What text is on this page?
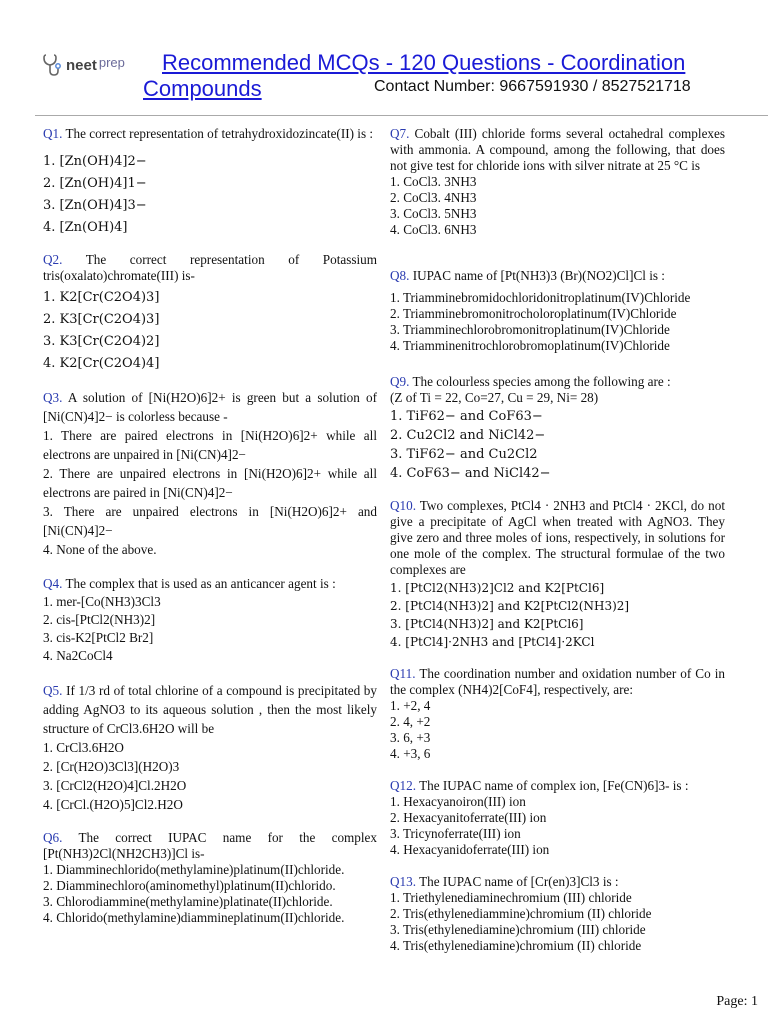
neet prep	Recommended MCQs - 120 Questions - Coordination
Compounds	Contact Number: 9667591930 / 8527521718
Q1. The correct representation of tetrahydroxidozincate(II) is :
1. [Zn(OH)4]2−
2. [Zn(OH)4]1−
3. [Zn(OH)4]3−
4. [Zn(OH)4]
Q2. The correct representation of Potassium tris(oxalato)chromate(III) is-
1. K2[Cr(C2O4)3]
2. K3[Cr(C2O4)3]
3. K3[Cr(C2O4)2]
4. K2[Cr(C2O4)4]
Q3. A solution of [Ni(H2O)6]2+ is green but a solution of [Ni(CN)4]2− is colorless because -
1. There are paired electrons in [Ni(H2O)6]2+ while all electrons are unpaired in [Ni(CN)4]2−
2. There are unpaired electrons in [Ni(H2O)6]2+ while all electrons are paired in [Ni(CN)4]2−
3. There are unpaired electrons in [Ni(H2O)6]2+ and [Ni(CN)4]2−
4. None of the above.
Q4. The complex that is used as an anticancer agent is :
1. mer-[Co(NH3)3Cl3
2. cis-[PtCl2(NH3)2]
3. cis-K2[PtCl2 Br2]
4. Na2CoCl4
Q5. If 1/3 rd of total chlorine of a compound is precipitated by adding AgNO3 to its aqueous solution , then the most likely structure of CrCl3.6H2O will be
1. CrCl3.6H2O
2. [Cr(H2O)3Cl3](H2O)3
3. [CrCl2(H2O)4]Cl.2H2O
4. [CrCl.(H2O)5]Cl2.H2O
Q6. The correct IUPAC name for the complex [Pt(NH3)2Cl(NH2CH3)]Cl is-
1. Diamminechlorido(methylamine)platinum(II)chloride.
2. Diamminechloro(aminomethyl)platinum(II)chlorido.
3. Chlorodiammine(methylamine)platinate(II)chloride.
4. Chlorido(methylamine)diammineplatinum(II)chloride.
Q7. Cobalt (III) chloride forms several octahedral complexes with ammonia. A compound, among the following, that does not give test for chloride ions with silver nitrate at 25 °C is
1. CoCl3. 3NH3
2. CoCl3. 4NH3
3. CoCl3. 5NH3
4. CoCl3. 6NH3
Q8. IUPAC name of [Pt(NH3)3 (Br)(NO2)Cl]Cl is :
1. Triamminebromidochloridonitroplatinum(IV)Chloride
2. Triamminebromonitrocholoroplatinum(IV)Chloride
3. Triamminechlorobromonitroplatinum(IV)Chloride
4. Triamminenitrochlorobromoplatinum(IV)Chloride
Q9. The colourless species among the following are :
(Z of Ti = 22, Co=27, Cu = 29, Ni= 28)
1. TiF62− and CoF63−
2. Cu2Cl2 and NiCl42−
3. TiF62− and Cu2Cl2
4. CoF63− and NiCl42−
Q10. Two complexes, PtCl4 · 2NH3 and PtCl4 · 2KCl, do not give a precipitate of AgCl when treated with AgNO3. They give zero and three moles of ions, respectively, in solutions for one mole of the complex. The structural formulae of the two complexes are
1. [PtCl2(NH3)2]Cl2 and K2[PtCl6]
2. [PtCl4(NH3)2] and K2[PtCl2(NH3)2]
3. [PtCl4(NH3)2] and K2[PtCl6]
4. [PtCl4]·2NH3 and [PtCl4]·2KCl
Q11. The coordination number and oxidation number of Co in the complex (NH4)2[CoF4], respectively, are:
1. +2, 4
2. 4, +2
3. 6, +3
4. +3, 6
Q12. The IUPAC name of complex ion, [Fe(CN)6]3- is :
1. Hexacyanoiron(III) ion
2. Hexacyanitoferrate(III) ion
3. Tricynoferrate(III) ion
4. Hexacyanidoferrate(III) ion
Q13. The IUPAC name of [Cr(en)3]Cl3 is :
1. Triethylenediaminechromium (III) chloride
2. Tris(ethylenediammine)chromium (II) chloride
3. Tris(ethylenediamine)chromium (III) chloride
4. Tris(ethylenediamine)chromium (II) chloride
Page: 1
